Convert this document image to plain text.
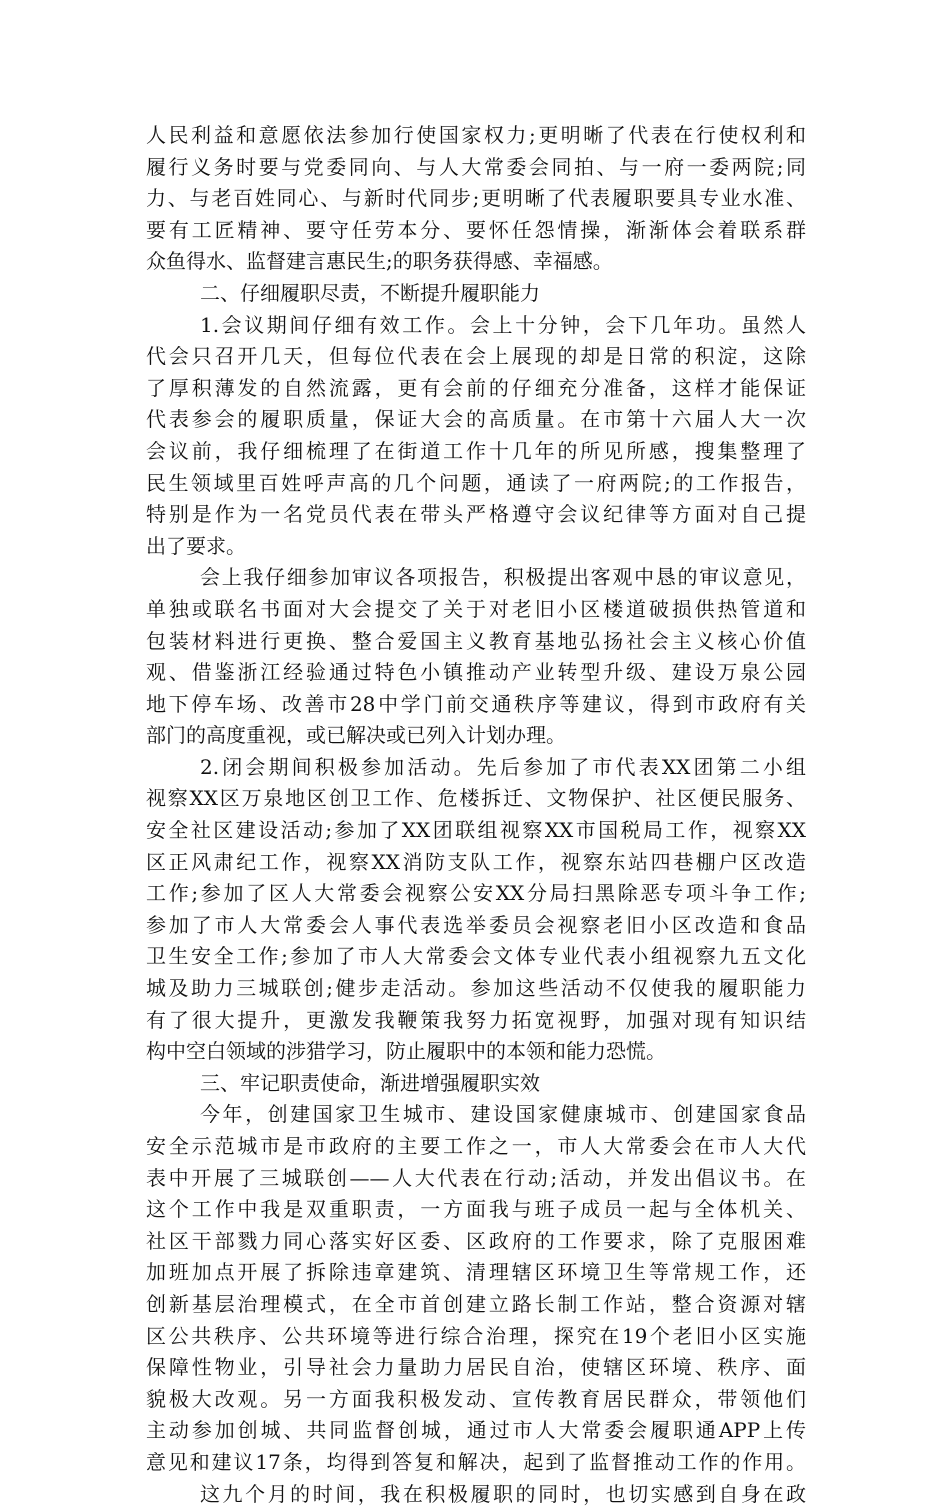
人民利益和意愿依法参加行使国家权力;更明晰了代表在行使权利和
履行义务时要与党委同向、与人大常委会同拍、与一府一委两院;同
力、与老百姓同心、与新时代同步;更明晰了代表履职要具专业水准、
要有工匠精神、要守任劳本分、要怀任怨情操，渐渐体会着联系群
众鱼得水、监督建言惠民生;的职务获得感、幸福感。
二、仔细履职尽责，不断提升履职能力
1.会议期间仔细有效工作。会上十分钟，会下几年功。虽然人
代会只召开几天，但每位代表在会上展现的却是日常的积淀，这除
了厚积薄发的自然流露，更有会前的仔细充分准备，这样才能保证
代表参会的履职质量，保证大会的高质量。在市第十六届人大一次
会议前，我仔细梳理了在街道工作十几年的所见所感，搜集整理了
民生领域里百姓呼声高的几个问题，通读了一府两院;的工作报告，
特别是作为一名党员代表在带头严格遵守会议纪律等方面对自己提
出了要求。
会上我仔细参加审议各项报告，积极提出客观中恳的审议意见，
单独或联名书面对大会提交了关于对老旧小区楼道破损供热管道和
包装材料进行更换、整合爱国主义教育基地弘扬社会主义核心价值
观、借鉴浙江经验通过特色小镇推动产业转型升级、建设万泉公园
地下停车场、改善市28中学门前交通秩序等建议，得到市政府有关
部门的高度重视，或已解决或已列入计划办理。
2.闭会期间积极参加活动。先后参加了市代表XX团第二小组
视察XX区万泉地区创卫工作、危楼拆迁、文物保护、社区便民服务、
安全社区建设活动;参加了XX团联组视察XX市国税局工作，视察XX
区正风肃纪工作，视察XX消防支队工作，视察东站四巷棚户区改造
工作;参加了区人大常委会视察公安XX分局扫黑除恶专项斗争工作;
参加了市人大常委会人事代表选举委员会视察老旧小区改造和食品
卫生安全工作;参加了市人大常委会文体专业代表小组视察九五文化
城及助力三城联创;健步走活动。参加这些活动不仅使我的履职能力
有了很大提升，更激发我鞭策我努力拓宽视野，加强对现有知识结
构中空白领域的涉猎学习，防止履职中的本领和能力恐慌。
三、牢记职责使命，渐进增强履职实效
今年，创建国家卫生城市、建设国家健康城市、创建国家食品
安全示范城市是市政府的主要工作之一，市人大常委会在市人大代
表中开展了三城联创——人大代表在行动;活动，并发出倡议书。在
这个工作中我是双重职责，一方面我与班子成员一起与全体机关、
社区干部戮力同心落实好区委、区政府的工作要求，除了克服困难
加班加点开展了拆除违章建筑、清理辖区环境卫生等常规工作，还
创新基层治理模式，在全市首创建立路长制工作站，整合资源对辖
区公共秩序、公共环境等进行综合治理，探究在19个老旧小区实施
保障性物业，引导社会力量助力居民自治，使辖区环境、秩序、面
貌极大改观。另一方面我积极发动、宣传教育居民群众，带领他们
主动参加创城、共同监督创城，通过市人大常委会履职通APP上传
意见和建议17条，均得到答复和解决，起到了监督推动工作的作用。
这九个月的时间，我在积极履职的同时，也切实感到自身在政
